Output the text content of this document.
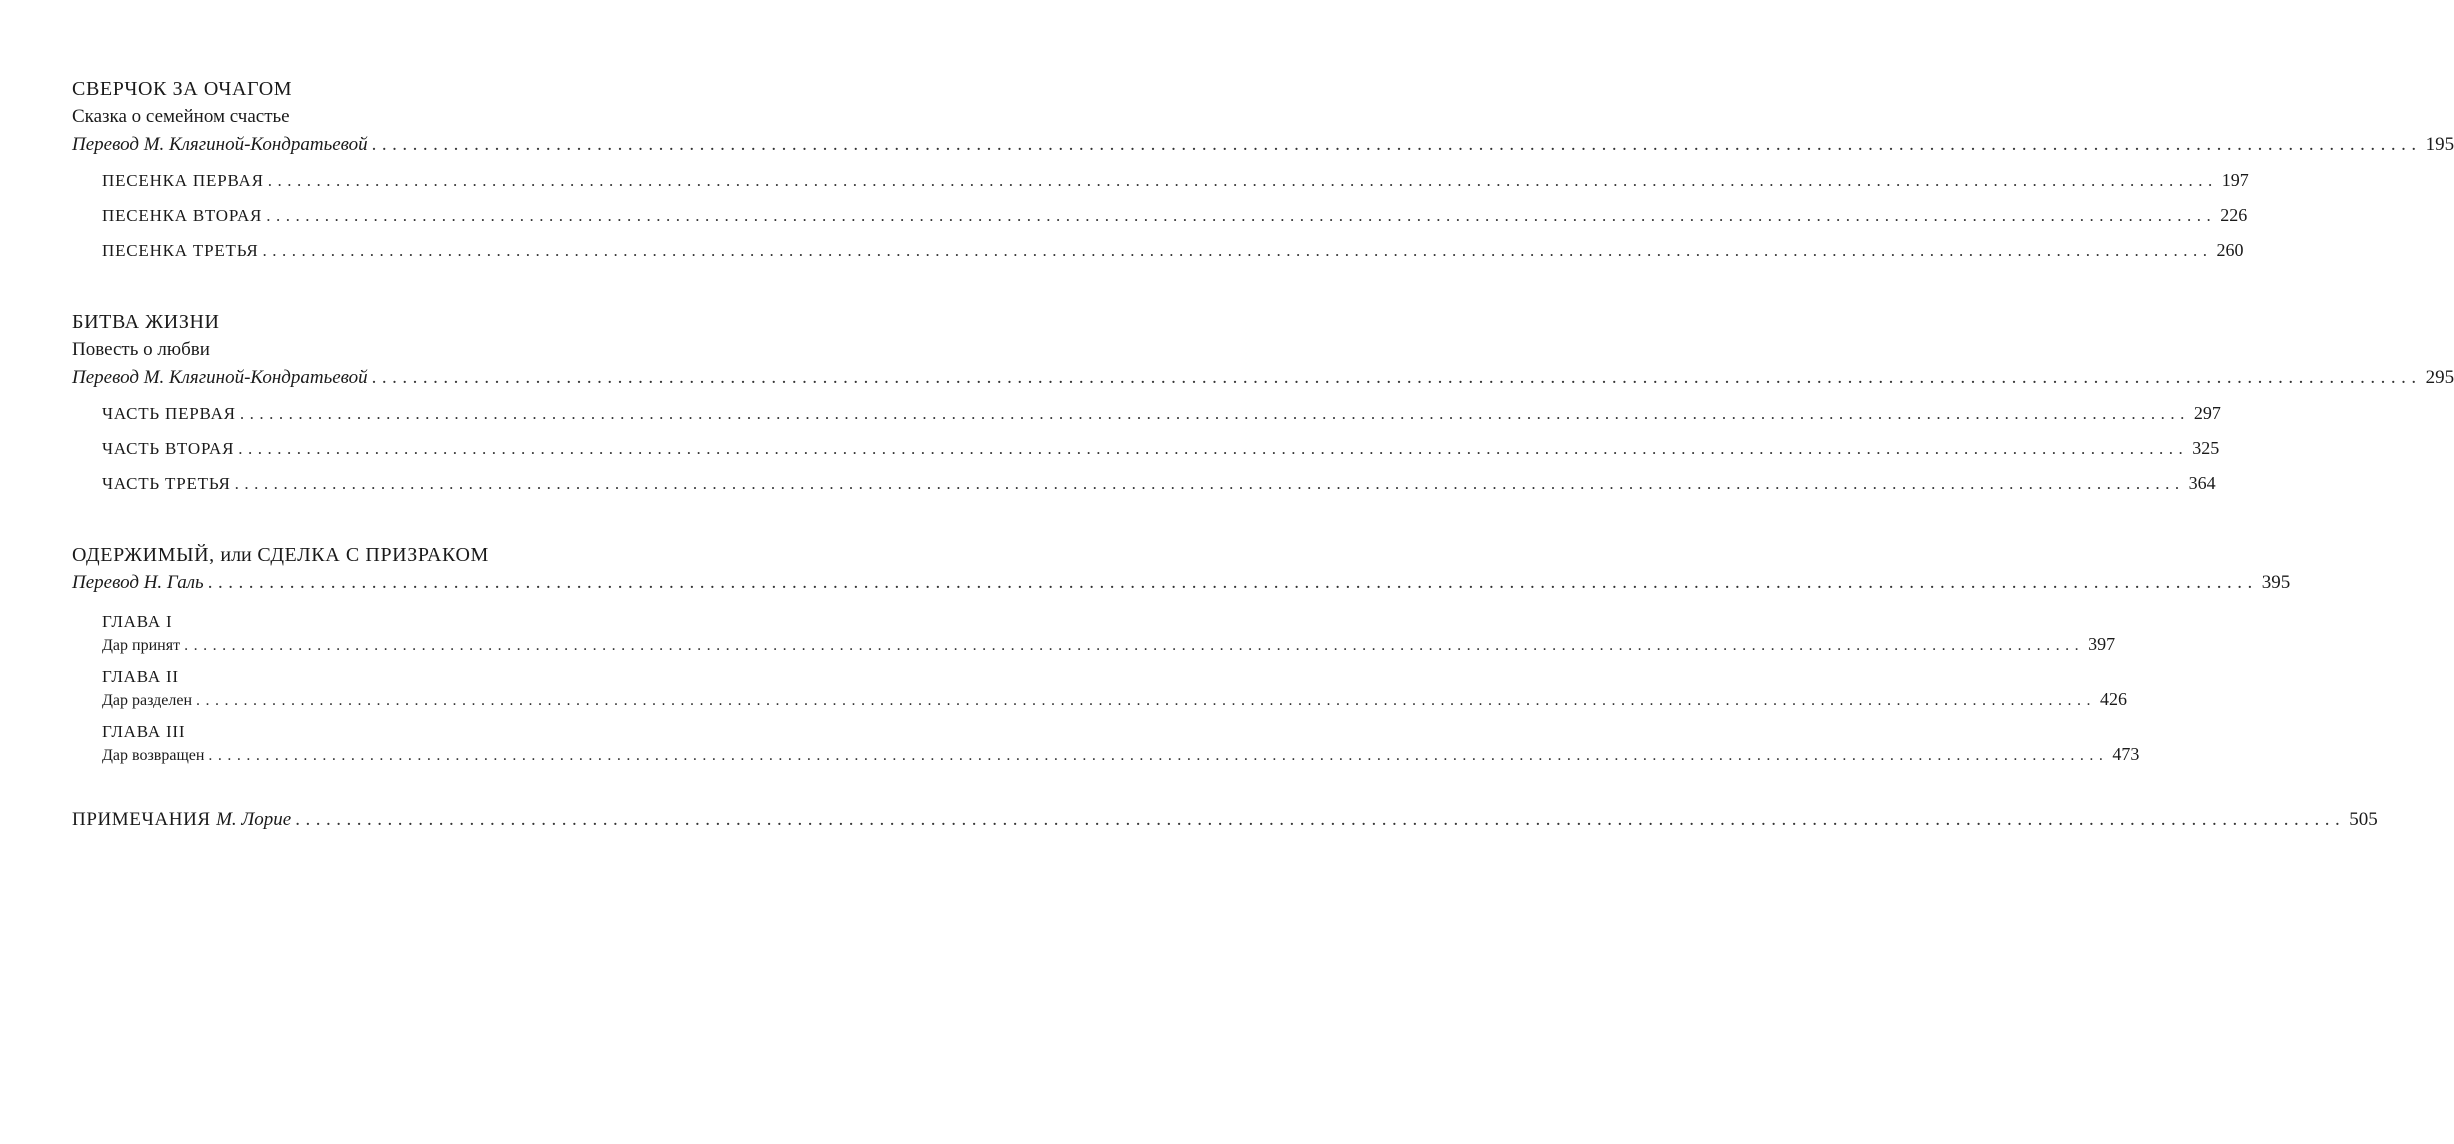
СВЕРЧОК ЗА ОЧАГОМ
Сказка о семейном счастье
Перевод М. Клягиной-Кондратьевой ........................................................................................................................................................................................................ 195
ПЕСЕНКА ПЕРВАЯ ........................................................................................................................................................................................................ 197
ПЕСЕНКА ВТОРАЯ ........................................................................................................................................................................................................ 226
ПЕСЕНКА ТРЕТЬЯ ........................................................................................................................................................................................................ 260
БИТВА ЖИЗНИ
Повесть о любви
Перевод М. Клягиной-Кондратьевой ........................................................................................................................................................................................................ 295
ЧАСТЬ ПЕРВАЯ ........................................................................................................................................................................................................ 297
ЧАСТЬ ВТОРАЯ ........................................................................................................................................................................................................ 325
ЧАСТЬ ТРЕТЬЯ ........................................................................................................................................................................................................ 364
ОДЕРЖИМЫЙ, или СДЕЛКА С ПРИЗРАКОМ
Перевод Н. Галь ........................................................................................................................................................................................................ 395
ГЛАВА I
Дар принят ........................................................................................................................................................................................................ 397
ГЛАВА II
Дар разделен ........................................................................................................................................................................................................ 426
ГЛАВА III
Дар возвращен ........................................................................................................................................................................................................ 473
ПРИМЕЧАНИЯ М. Лорие ........................................................................................................................................................................................................ 505
